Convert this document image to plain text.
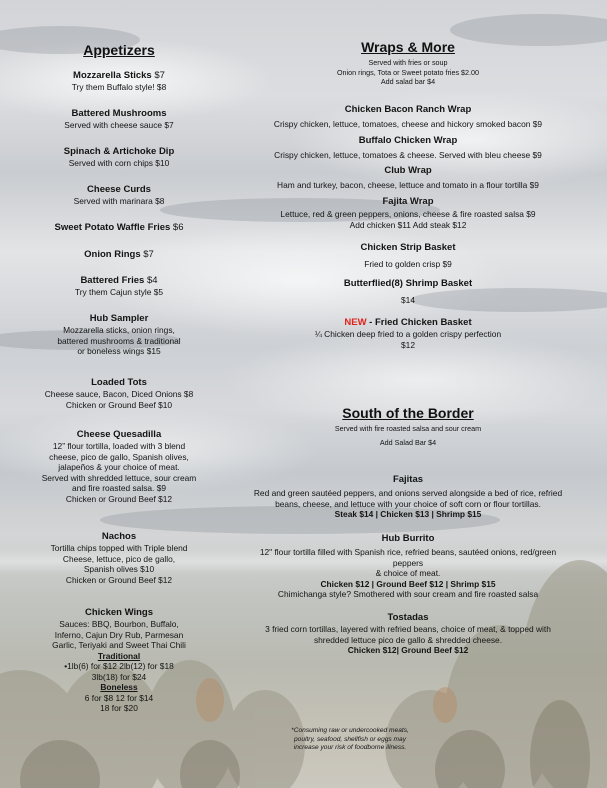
Appetizers
Mozzarella Sticks $7
Try them Buffalo style! $8
Battered Mushrooms
Served with cheese sauce $7
Spinach & Artichoke Dip
Served with corn chips $10
Cheese Curds
Served with marinara $8
Sweet Potato Waffle Fries $6
Onion Rings $7
Battered Fries $4
Try them Cajun style $5
Hub Sampler
Mozzarella sticks, onion rings,
battered mushrooms & traditional
or boneless wings $15
Loaded Tots
Cheese sauce, Bacon, Diced Onions $8
Chicken or Ground Beef $10
Cheese Quesadilla
12” flour tortilla, loaded with 3 blend
cheese, pico de gallo, Spanish olives,
jalapeños & your choice of meat.
Served with shredded lettuce, sour cream
and fire roasted salsa. $9
Chicken or Ground Beef $12
Nachos
Tortilla chips topped with Triple blend
Cheese, lettuce, pico de gallo,
Spanish olives $10
Chicken or Ground Beef $12
Chicken Wings
Sauces: BBQ, Bourbon, Buffalo,
Inferno, Cajun Dry Rub, Parmesan
Garlic, Teriyaki and Sweet Thai Chili
Traditional
•1lb(6) for $12 2lb(12) for $18
3lb(18) for $24
Boneless
6 for $8 12 for $14
18 for $20
Wraps & More
Served with fries or soup
Onion rings, Tota or Sweet potato fries $2.00
Add salad bar $4
Chicken Bacon Ranch Wrap
Crispy chicken, lettuce, tomatoes, cheese and hickory smoked bacon $9
Buffalo Chicken Wrap
Crispy chicken, lettuce, tomatoes & cheese. Served with bleu cheese $9
Club Wrap
Ham and turkey, bacon, cheese, lettuce and tomato in a flour tortilla $9
Fajita Wrap
Lettuce, red & green peppers, onions, cheese & fire roasted salsa $9
Add chicken $11 Add steak $12
Chicken Strip Basket
Fried to golden crisp $9
Butterflied(8) Shrimp Basket
$14
NEW - Fried Chicken Basket
¼ Chicken deep fried to a golden crispy perfection
$12
South of the Border
Served with fire roasted salsa and sour cream
Add Salad Bar $4
Fajitas
Red and green sautéed peppers, and onions served alongside a bed of rice, refried
beans, cheese, and lettuce with your choice of soft corn or flour tortillas.
Steak $14 | Chicken $13 | Shrimp $15
Hub Burrito
12" flour tortilla filled with Spanish rice, refried beans, sautéed onions, red/green
peppers
& choice of meat.
Chicken $12 | Ground Beef $12 | Shrimp $15
Chimichanga style? Smothered with sour cream and fire roasted salsa
Tostadas
3 fried corn tortillas, layered with refried beans, choice of meat, & topped with
shredded lettuce pico de gallo & shredded cheese.
Chicken $12| Ground Beef $12
*Consuming raw or undercooked meats,
poultry, seafood, shellfish or eggs may
increase your risk of foodborne illness.
